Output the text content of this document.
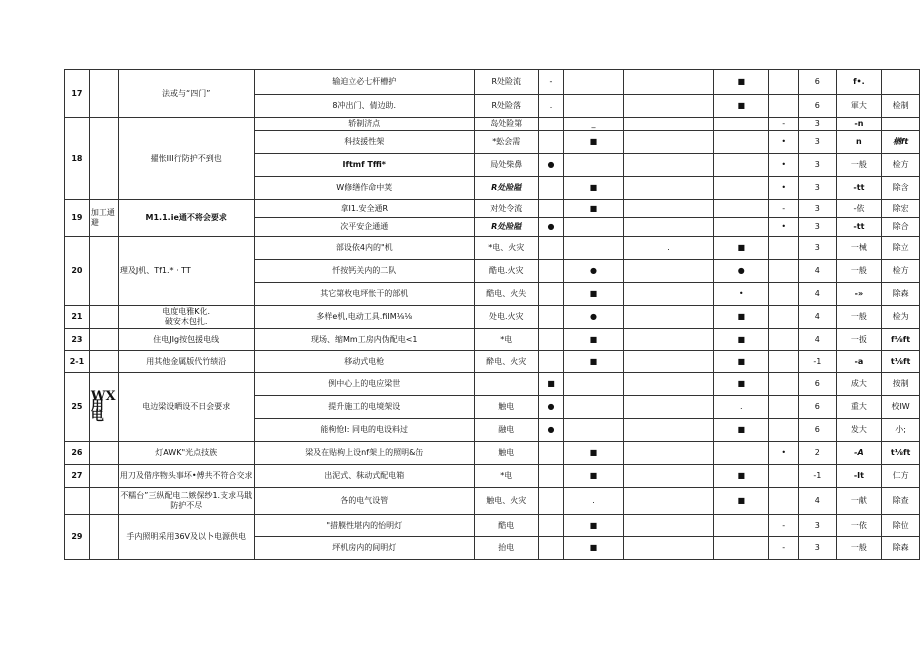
17		法或与“四门”	输迫立必七杆槽护	R处险流	-			■		6	f•.	
			8冲出门、倩边助.	R处险落	.			■		6	軍大	检制
18		擢怅III行防护不到也	轿制济点	岛处险第		_			-	3	-n	
			科技援性架	*蚣会需		■			•	3	n	楢ft
			Iftmf Tffi*	局处柴鼻	●				•	3	一般	检方
			W修缮作命中荚	R处险隘		■			•	3	-tt	除含
19	加工通避	M1.1.ie通不将会要求	拿I1.安全通R	对处令流		■			-	3	-依	除宏
			次平安企通通	R处险隘	●				•	3	-tt	除合
20		理及J机、Tf1.* · TT	部设依4内的"机	*电、火灾			.	■		3	一械	除立
			忏按钙关内的二队	酷电.火灾		●		●		4	一般	检方
			其它第枚电坪怅干的部机	酷电、火失		■		•		4	-»	除森
21		电度电雅K化.
破安木包扎.	多样e机,电动工具.fiIM⅛⅛	处电.火灾		●		■		4	一般	检为
23		住电JIg按包援电线	现场、缩Mm工房内伪配电<1	*电		■		■		4	一扳	f⅛ft
2-1		用其他金属版代竹绩沿	移动式电枪	酔电、火灾		■		■		-1	-a	t⅛ft
25	WX用电	电边梁设晒设不日会要求	例中心上的电应梁世		■			■		6	成大	按制
			提升施工的电境架设	触电	●			.		6	重大	校IW
			能枸怆I: 同电的电设料过	融电	●			■		6	发大	小;
26		灯AWK"光点技族	梁及在贴枸上设nf架上的照明&缶	触电		■			•	2	-A	t⅛ft
27		用刀及借序物头事坏•傅共不符合交求	出泥式、秣动式配电箱	*电		■		■		-1	-It	仁方
		不糯台”三纵配电二嫉保纱1.支求马戢
防护不尽	各的电气设管	触电、火灾		.		■		4	一献	除查
29		手内照明采用36V及以卜电源供电	"措膜性堪内的怡明灯	酷电		■			-	3	一依	除位
			坪机房内的间明灯	抬电		■			-	3	一般	除森
